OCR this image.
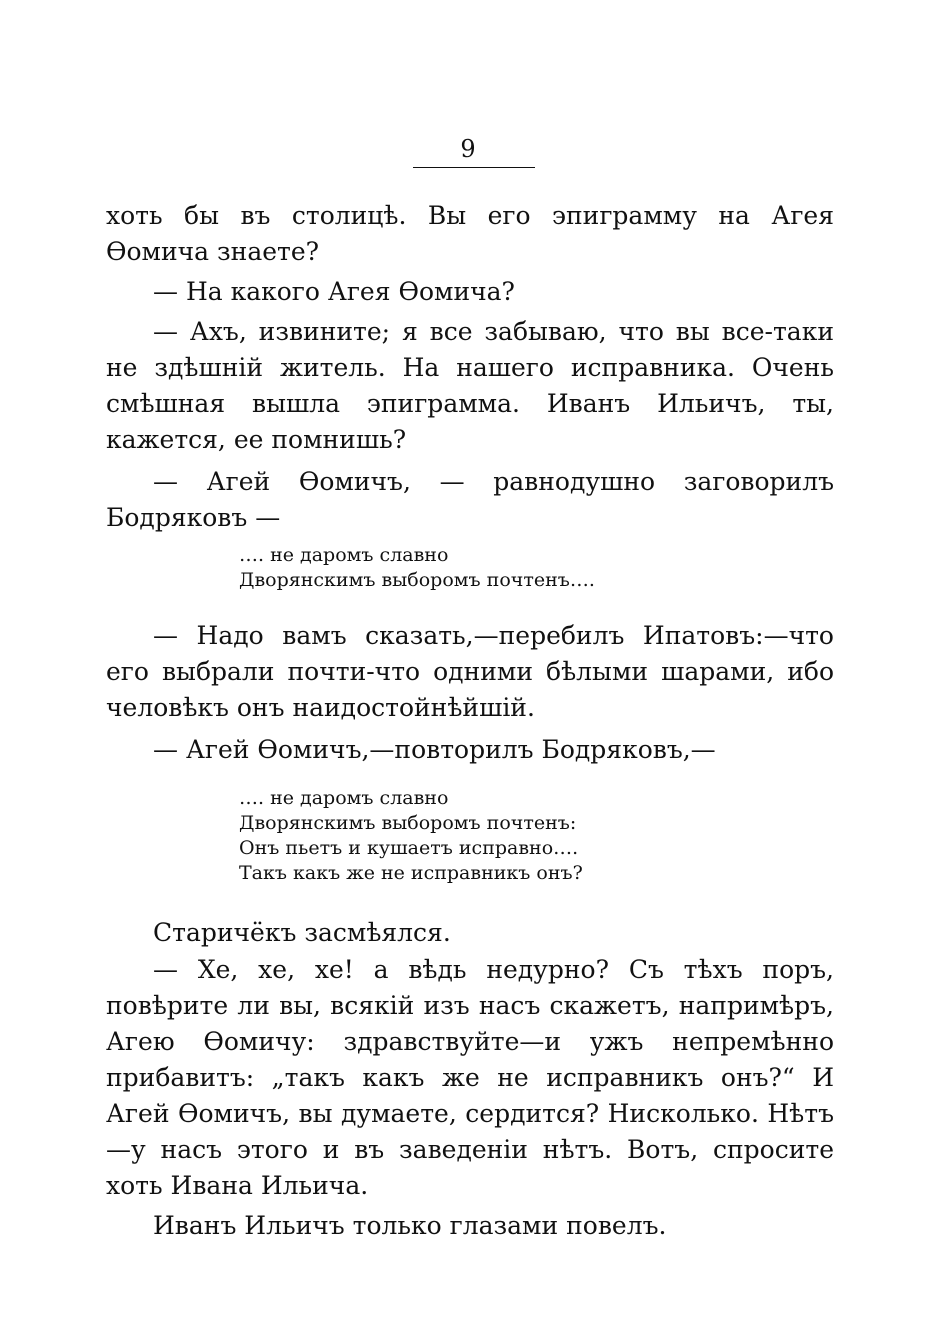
9

хоть бы въ столицѣ. Вы его эпиграмму на Агея Өомича знаете?

— На какого Агея Өомича?

— Ахъ, извините; я все забываю, что вы все-таки не здѣшній житель. На нашего исправника. Очень смѣшная вышла эпиграмма. Иванъ Ильичъ, ты, кажется, ее помнишь?

— Агей Өомичъ, — равнодушно заговорилъ Бодряковъ —

…. не даромъ славно
Дворянскимъ выборомъ почтенъ….

— Надо вамъ сказать,—перебилъ Ипатовъ:—что его выбрали почти-что одними бѣлыми шарами, ибо человѣкъ онъ наидостойнѣйшій.

— Агей Өомичъ,—повторилъ Бодряковъ,—

…. не даромъ славно
Дворянскимъ выборомъ почтенъ:
Онъ пьетъ и кушаетъ исправно….
Такъ какъ же не исправникъ онъ?

Старичёкъ засмѣялся.

— Хе, хе, хе! а вѣдь недурно? Съ тѣхъ поръ, повѣрите ли вы, всякій изъ насъ скажетъ, напримѣръ, Агею Өомичу: здравствуйте—и ужъ непремѣнно прибавитъ: „такъ какъ же не исправникъ онъ?“ И Агей Өомичъ, вы думаете, сердится? Нисколько. Нѣтъ—у насъ этого и въ заведеніи нѣтъ. Вотъ, спросите хоть Ивана Ильича.

Иванъ Ильичъ только глазами повелъ.
